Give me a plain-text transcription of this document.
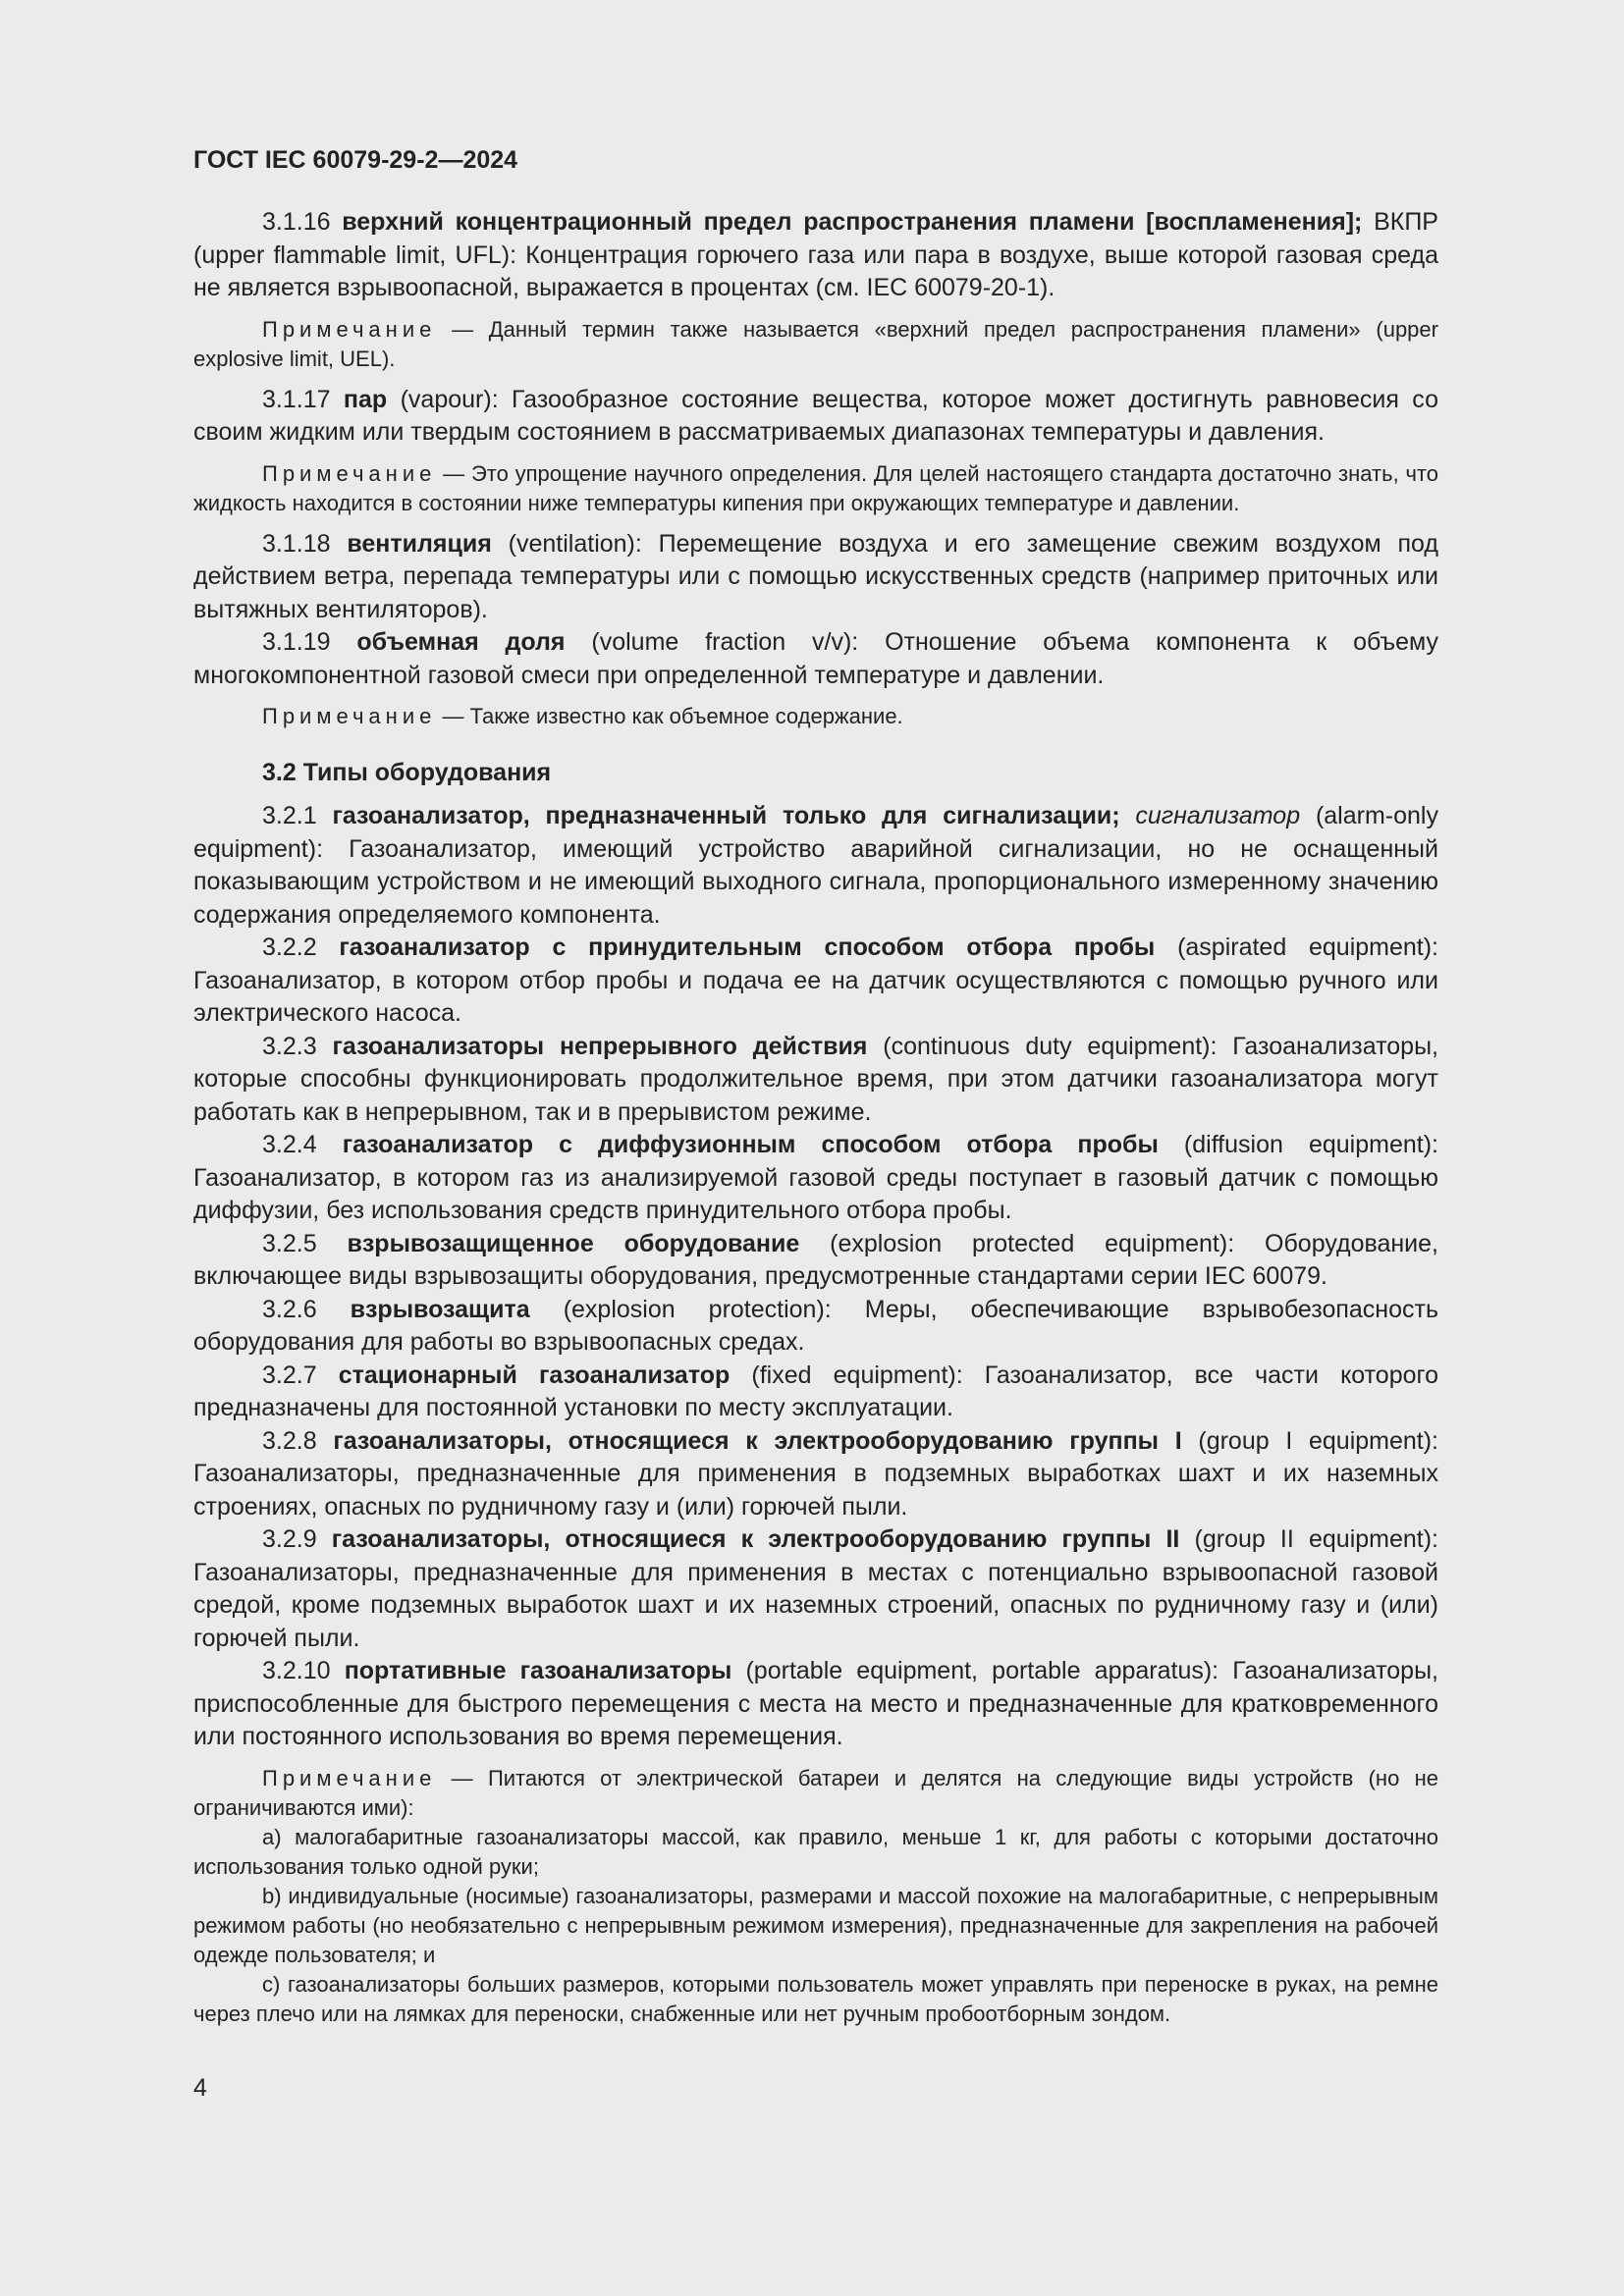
ГОСТ IEC 60079-29-2—2024

3.1.16 верхний концентрационный предел распространения пламени [воспламенения]; ВКПР (upper flammable limit, UFL): Концентрация горючего газа или пара в воздухе, выше которой газовая среда не является взрывоопасной, выражается в процентах (см. IEC 60079-20-1).

Примечание — Данный термин также называется «верхний предел распространения пламени» (upper explosive limit, UEL).

3.1.17 пар (vapour): Газообразное состояние вещества, которое может достигнуть равновесия со своим жидким или твердым состоянием в рассматриваемых диапазонах температуры и давления.

Примечание — Это упрощение научного определения. Для целей настоящего стандарта достаточно знать, что жидкость находится в состоянии ниже температуры кипения при окружающих температуре и давлении.

3.1.18 вентиляция (ventilation): Перемещение воздуха и его замещение свежим воздухом под действием ветра, перепада температуры или с помощью искусственных средств (например приточных или вытяжных вентиляторов).

3.1.19 объемная доля (volume fraction v/v): Отношение объема компонента к объему многокомпонентной газовой смеси при определенной температуре и давлении.

Примечание — Также известно как объемное содержание.

3.2 Типы оборудования

3.2.1 газоанализатор, предназначенный только для сигнализации; сигнализатор (alarm-only equipment): Газоанализатор, имеющий устройство аварийной сигнализации, но не оснащенный показывающим устройством и не имеющий выходного сигнала, пропорционального измеренному значению содержания определяемого компонента.

3.2.2 газоанализатор с принудительным способом отбора пробы (aspirated equipment): Газоанализатор, в котором отбор пробы и подача ее на датчик осуществляются с помощью ручного или электрического насоса.

3.2.3 газоанализаторы непрерывного действия (continuous duty equipment): Газоанализаторы, которые способны функционировать продолжительное время, при этом датчики газоанализатора могут работать как в непрерывном, так и в прерывистом режиме.

3.2.4 газоанализатор с диффузионным способом отбора пробы (diffusion equipment): Газоанализатор, в котором газ из анализируемой газовой среды поступает в газовый датчик с помощью диффузии, без использования средств принудительного отбора пробы.

3.2.5 взрывозащищенное оборудование (explosion protected equipment): Оборудование, включающее виды взрывозащиты оборудования, предусмотренные стандартами серии IEC 60079.

3.2.6 взрывозащита (explosion protection): Меры, обеспечивающие взрывобезопасность оборудования для работы во взрывоопасных средах.

3.2.7 стационарный газоанализатор (fixed equipment): Газоанализатор, все части которого предназначены для постоянной установки по месту эксплуатации.

3.2.8 газоанализаторы, относящиеся к электрооборудованию группы I (group I equipment): Газоанализаторы, предназначенные для применения в подземных выработках шахт и их наземных строениях, опасных по рудничному газу и (или) горючей пыли.

3.2.9 газоанализаторы, относящиеся к электрооборудованию группы II (group II equipment): Газоанализаторы, предназначенные для применения в местах с потенциально взрывоопасной газовой средой, кроме подземных выработок шахт и их наземных строений, опасных по рудничному газу и (или) горючей пыли.

3.2.10 портативные газоанализаторы (portable equipment, portable apparatus): Газоанализаторы, приспособленные для быстрого перемещения с места на место и предназначенные для кратковременного или постоянного использования во время перемещения.

Примечание — Питаются от электрической батареи и делятся на следующие виды устройств (но не ограничиваются ими):

а) малогабаритные газоанализаторы массой, как правило, меньше 1 кг, для работы с которыми достаточно использования только одной руки;

b) индивидуальные (носимые) газоанализаторы, размерами и массой похожие на малогабаритные, с непрерывным режимом работы (но необязательно с непрерывным режимом измерения), предназначенные для закрепления на рабочей одежде пользователя; и

c) газоанализаторы больших размеров, которыми пользователь может управлять при переноске в руках, на ремне через плечо или на лямках для переноски, снабженные или нет ручным пробоотборным зондом.

4
